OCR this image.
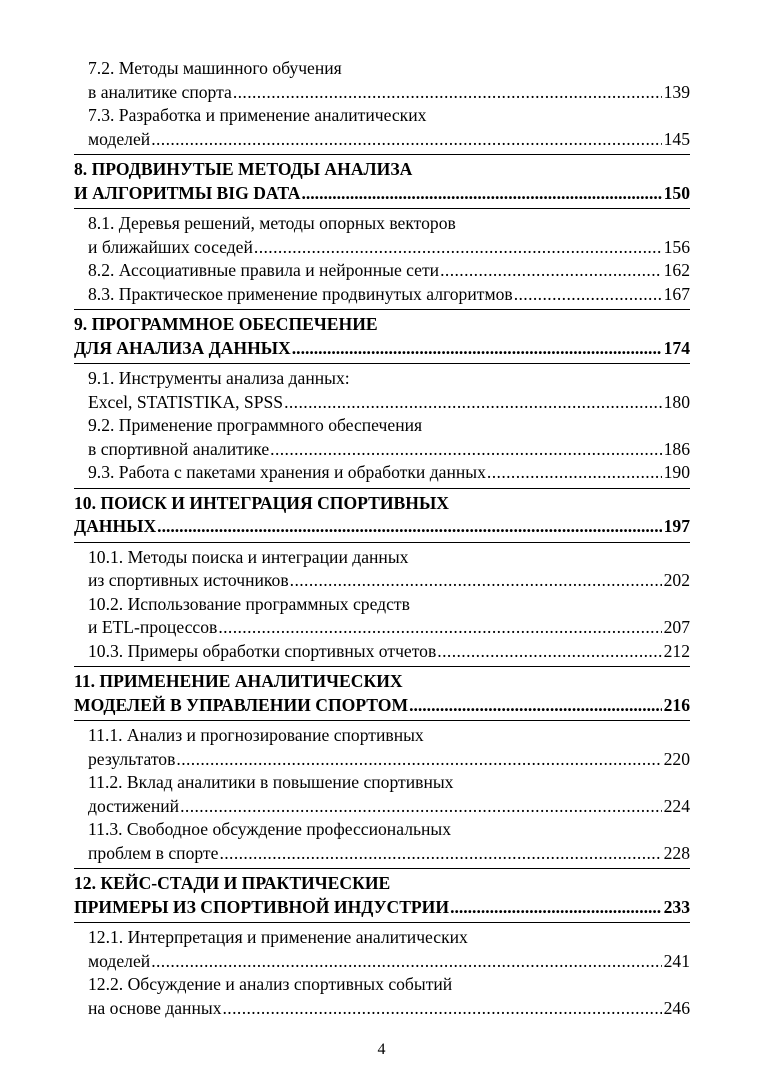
7.2. Методы машинного обучения
в аналитике спорта .....	139
7.3. Разработка и применение аналитических
моделей .....	145
8. ПРОДВИНУТЫЕ МЕТОДЫ АНАЛИЗА
И АЛГОРИТМЫ BIG DATA .....	150
8.1. Деревья решений, методы опорных векторов
и ближайших соседей .....	156
8.2. Ассоциативные правила и нейронные сети .....	162
8.3. Практическое применение продвинутых алгоритмов .....	167
9. ПРОГРАММНОЕ ОБЕСПЕЧЕНИЕ
ДЛЯ АНАЛИЗА ДАННЫХ .....	174
9.1. Инструменты анализа данных:
Excel, STATISTIKA, SPSS .....	180
9.2. Применение программного обеспечения
в спортивной аналитике .....	186
9.3. Работа с пакетами хранения и обработки данных .....	190
10. ПОИСК И ИНТЕГРАЦИЯ СПОРТИВНЫХ
ДАННЫХ .....	197
10.1. Методы поиска и интеграции данных
из спортивных источников .....	202
10.2. Использование программных средств
и ETL-процессов .....	207
10.3. Примеры обработки спортивных отчетов .....	212
11. ПРИМЕНЕНИЕ АНАЛИТИЧЕСКИХ
МОДЕЛЕЙ В УПРАВЛЕНИИ СПОРТОМ .....	216
11.1. Анализ и прогнозирование спортивных
результатов .....	220
11.2. Вклад аналитики в повышение спортивных
достижений .....	224
11.3. Свободное обсуждение профессиональных
проблем в спорте .....	228
12. КЕЙС-СТАДИ И ПРАКТИЧЕСКИЕ
ПРИМЕРЫ ИЗ СПОРТИВНОЙ ИНДУСТРИИ .....	233
12.1. Интерпретация и применение аналитических
моделей .....	241
12.2. Обсуждение и анализ спортивных событий
на основе данных .....	246
4
